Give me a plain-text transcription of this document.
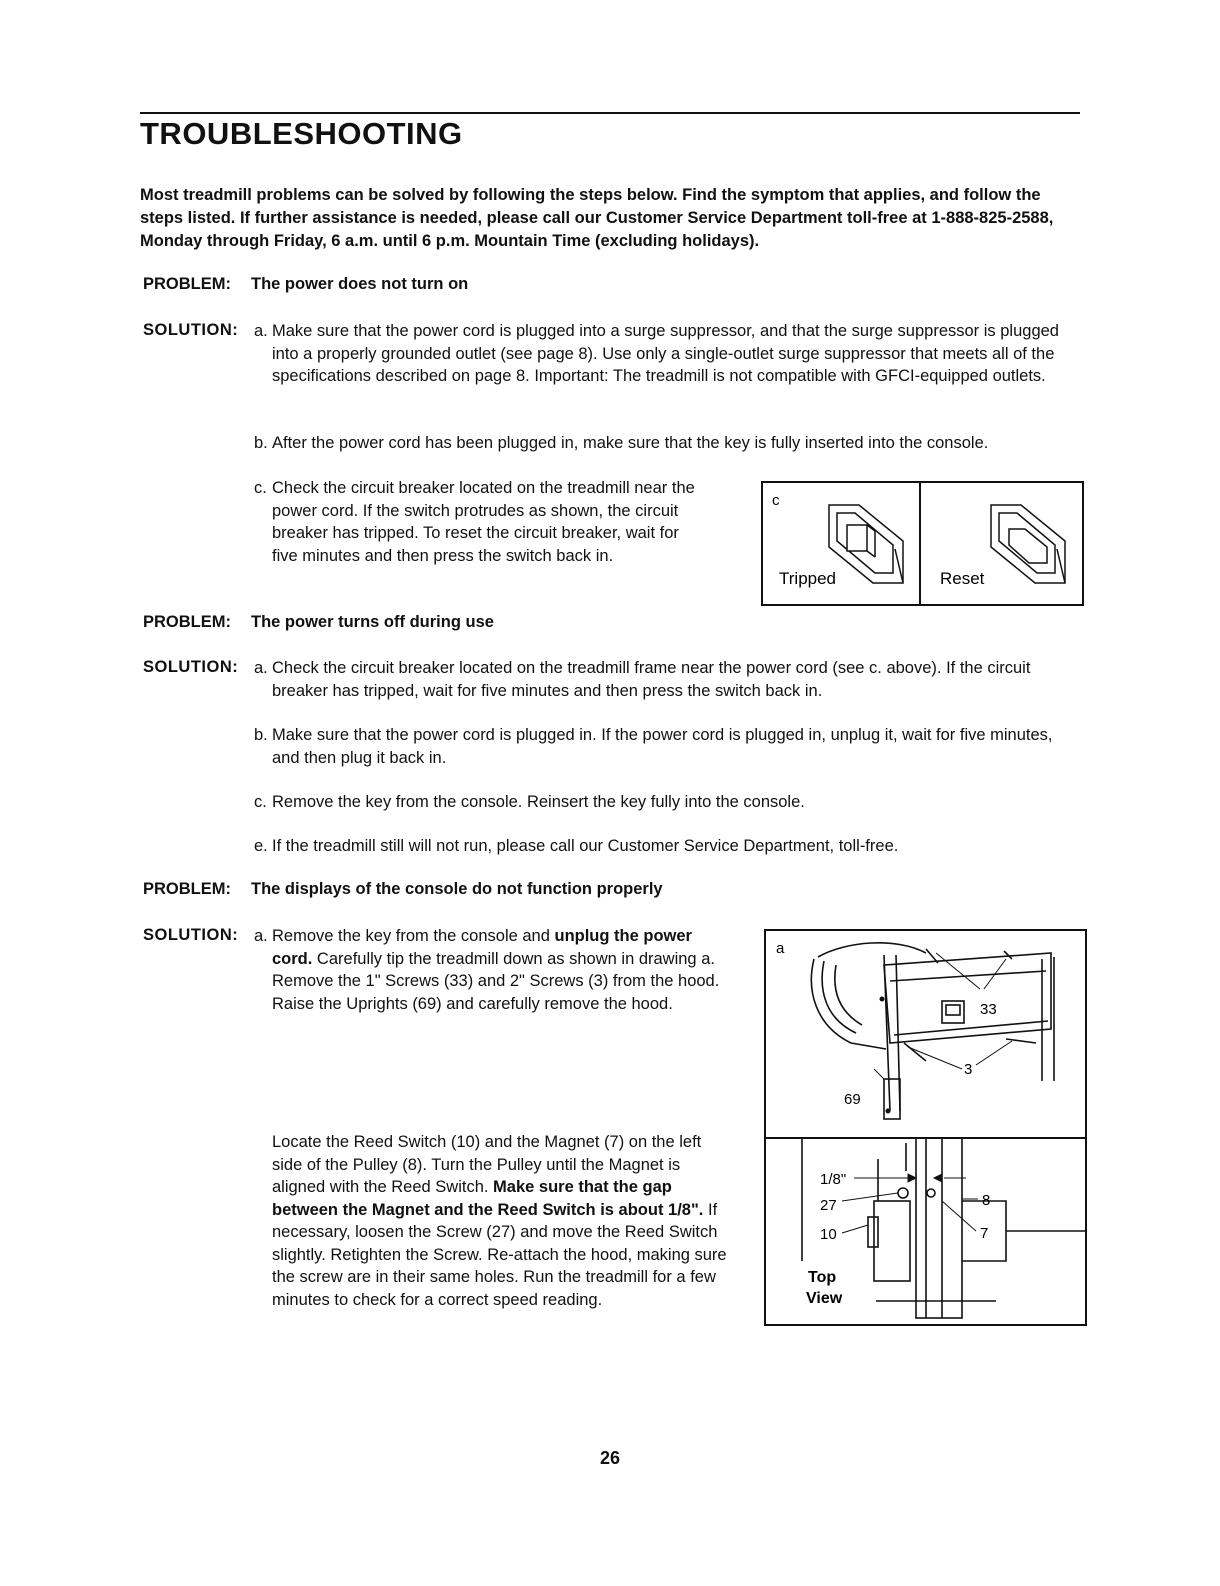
TROUBLESHOOTING

Most treadmill problems can be solved by following the steps below. Find the symptom that applies, and follow the steps listed. If further assistance is needed, please call our Customer Service Department toll-free at 1-888-825-2588, Monday through Friday, 6 a.m. until 6 p.m. Mountain Time (excluding holidays).

PROBLEM: The power does not turn on
SOLUTION: a. Make sure that the power cord is plugged into a surge suppressor, and that the surge suppressor is plugged into a properly grounded outlet (see page 8). Use only a single-outlet surge suppressor that meets all of the specifications described on page 8. Important: The treadmill is not compatible with GFCI-equipped outlets.
b. After the power cord has been plugged in, make sure that the key is fully inserted into the console.
c. Check the circuit breaker located on the treadmill near the power cord. If the switch protrudes as shown, the circuit breaker has tripped. To reset the circuit breaker, wait for five minutes and then press the switch back in.
c
Tripped	Reset
PROBLEM: The power turns off during use
SOLUTION: a. Check the circuit breaker located on the treadmill frame near the power cord (see c. above). If the circuit breaker has tripped, wait for five minutes and then press the switch back in.
b. Make sure that the power cord is plugged in. If the power cord is plugged in, unplug it, wait for five minutes, and then plug it back in.
c. Remove the key from the console. Reinsert the key fully into the console.
e. If the treadmill still will not run, please call our Customer Service Department, toll-free.
PROBLEM: The displays of the console do not function properly
SOLUTION: a. Remove the key from the console and unplug the power cord. Carefully tip the treadmill down as shown in drawing a. Remove the 1" Screws (33) and 2" Screws (3) from the hood. Raise the Uprights (69) and carefully remove the hood.
Locate the Reed Switch (10) and the Magnet (7) on the left side of the Pulley (8). Turn the Pulley until the Magnet is aligned with the Reed Switch. Make sure that the gap between the Magnet and the Reed Switch is about 1/8". If necessary, loosen the Screw (27) and move the Reed Switch slightly. Retighten the Screw. Re-attach the hood, making sure the screw are in their same holes. Run the treadmill for a few minutes to check for a correct speed reading.
a
33
3
69
1/8"
27	8
10	7
Top
View
26
